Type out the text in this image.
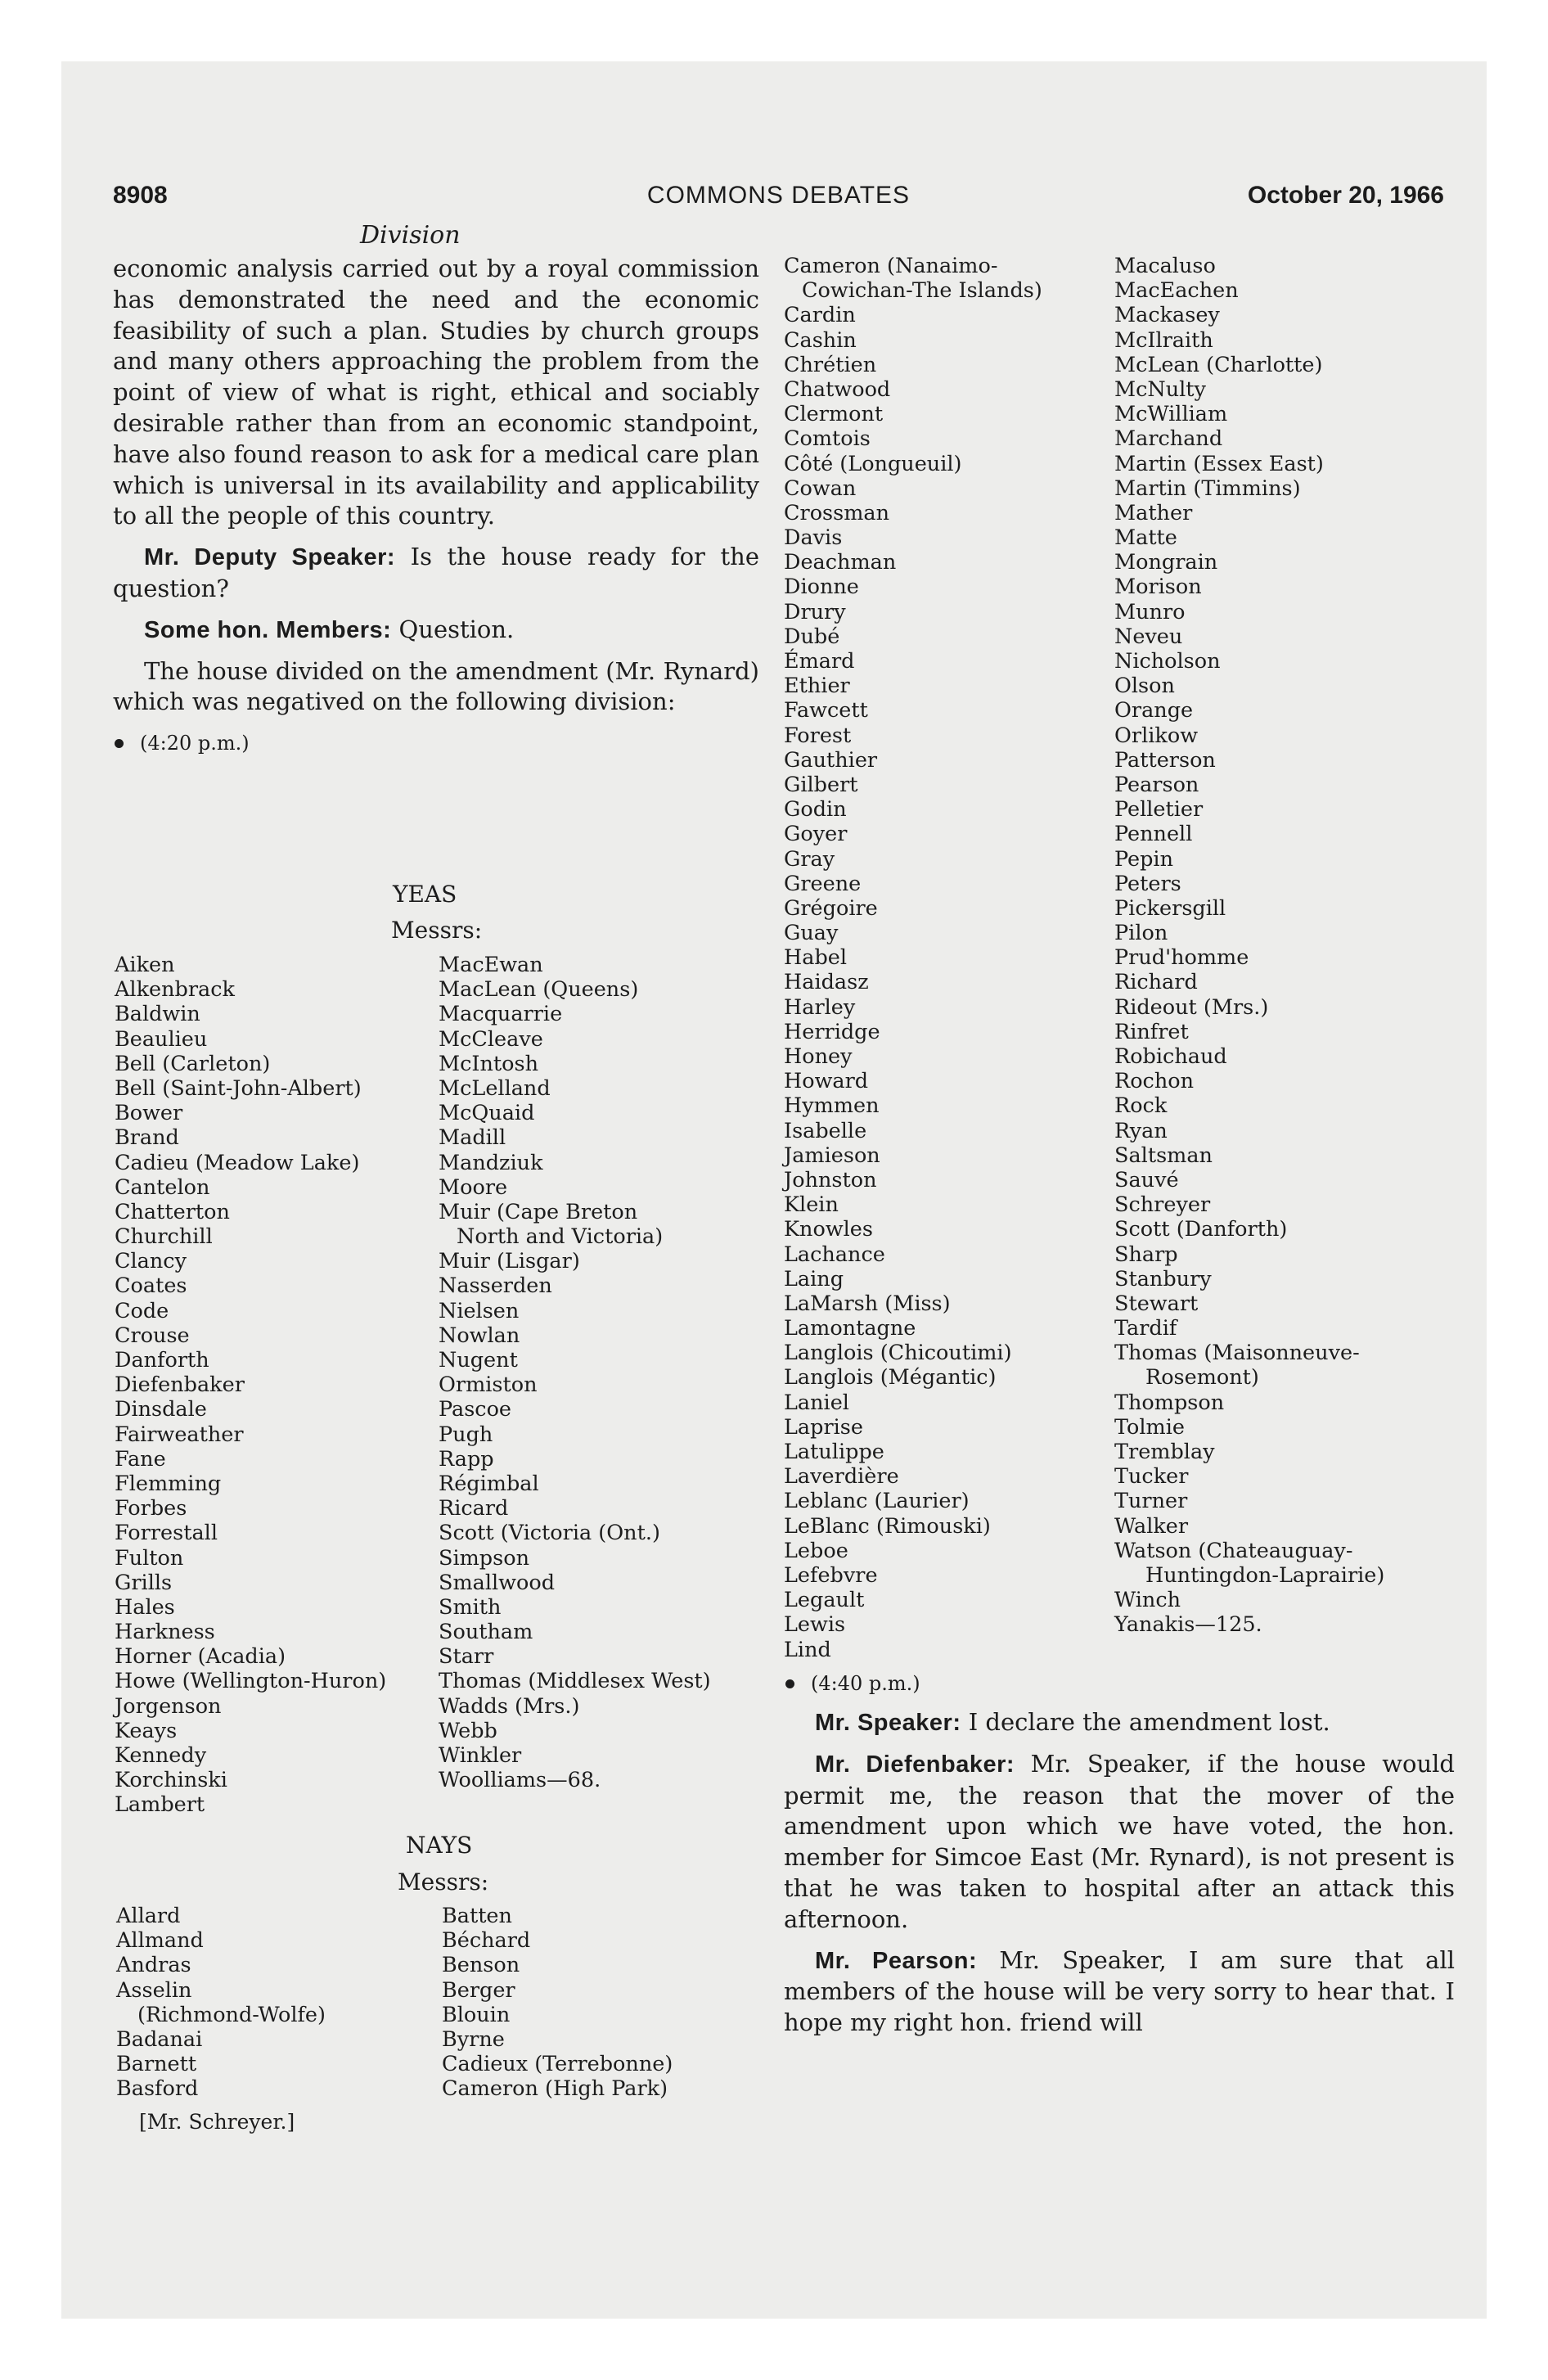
8908	COMMONS DEBATES	October 20, 1966
Division

economic analysis carried out by a royal commission has demonstrated the need and the economic feasibility of such a plan. Studies by church groups and many others approaching the problem from the point of view of what is right, ethical and sociably desirable rather than from an economic standpoint, have also found reason to ask for a medical care plan which is universal in its availability and applicability to all the people of this country.

Mr. Deputy Speaker: Is the house ready for the question?

Some hon. Members: Question.

The house divided on the amendment (Mr. Rynard) which was negatived on the following division:

(4:20 p.m.)
YEAS
Messrs:
Aiken
Alkenbrack
Baldwin
Beaulieu
Bell (Carleton)
Bell (Saint-John-Albert)
Bower
Brand
Cadieu (Meadow Lake)
Cantelon
Chatterton
Churchill
Clancy
Coates
Code
Crouse
Danforth
Diefenbaker
Dinsdale
Fairweather
Fane
Flemming
Forbes
Forrestall
Fulton
Grills
Hales
Harkness
Horner (Acadia)
Howe (Wellington-Huron)
Jorgenson
Keays
Kennedy
Korchinski
Lambert
MacEwan
MacLean (Queens)
Macquarrie
McCleave
McIntosh
McLelland
McQuaid
Madill
Mandziuk
Moore
Muir (Cape Breton
North and Victoria)
Muir (Lisgar)
Nasserden
Nielsen
Nowlan
Nugent
Ormiston
Pascoe
Pugh
Rapp
Régimbal
Ricard
Scott (Victoria (Ont.)
Simpson
Smallwood
Smith
Southam
Starr
Thomas (Middlesex West)
Wadds (Mrs.)
Webb
Winkler
Woolliams—68.
NAYS
Messrs:
Allard
Allmand
Andras
Asselin
(Richmond-Wolfe)
Badanai
Barnett
Basford
Batten
Béchard
Benson
Berger
Blouin
Byrne
Cadieux (Terrebonne)
Cameron (High Park)
Cameron (Nanaimo-
Cowichan-The Islands)
Cardin
Cashin
Chrétien
Chatwood
Clermont
Comtois
Côté (Longueuil)
Cowan
Crossman
Davis
Deachman
Dionne
Drury
Dubé
Émard
Ethier
Fawcett
Forest
Gauthier
Gilbert
Godin
Goyer
Gray
Greene
Grégoire
Guay
Habel
Haidasz
Harley
Herridge
Honey
Howard
Hymmen
Isabelle
Jamieson
Johnston
Klein
Knowles
Lachance
Laing
LaMarsh (Miss)
Lamontagne
Langlois (Chicoutimi)
Langlois (Mégantic)
Laniel
Laprise
Latulippe
Laverdière
Leblanc (Laurier)
LeBlanc (Rimouski)
Leboe
Lefebvre
Legault
Lewis
Lind
Macaluso
MacEachen
Mackasey
McIlraith
McLean (Charlotte)
McNulty
McWilliam
Marchand
Martin (Essex East)
Martin (Timmins)
Mather
Matte
Mongrain
Morison
Munro
Neveu
Nicholson
Olson
Orange
Orlikow
Patterson
Pearson
Pelletier
Pennell
Pepin
Peters
Pickersgill
Pilon
Prud'homme
Richard
Rideout (Mrs.)
Rinfret
Robichaud
Rochon
Rock
Ryan
Saltsman
Sauvé
Schreyer
Scott (Danforth)
Sharp
Stanbury
Stewart
Tardif
Thomas (Maisonneuve-
Rosemont)
Thompson
Tolmie
Tremblay
Tucker
Turner
Walker
Watson (Chateauguay-
Huntingdon-Laprairie)
Winch
Yanakis—125.
(4:40 p.m.)

Mr. Speaker: I declare the amendment lost.

Mr. Diefenbaker: Mr. Speaker, if the house would permit me, the reason that the mover of the amendment upon which we have voted, the hon. member for Simcoe East (Mr. Rynard), is not present is that he was taken to hospital after an attack this afternoon.

Mr. Pearson: Mr. Speaker, I am sure that all members of the house will be very sorry to hear that. I hope my right hon. friend will

[Mr. Schreyer.]
